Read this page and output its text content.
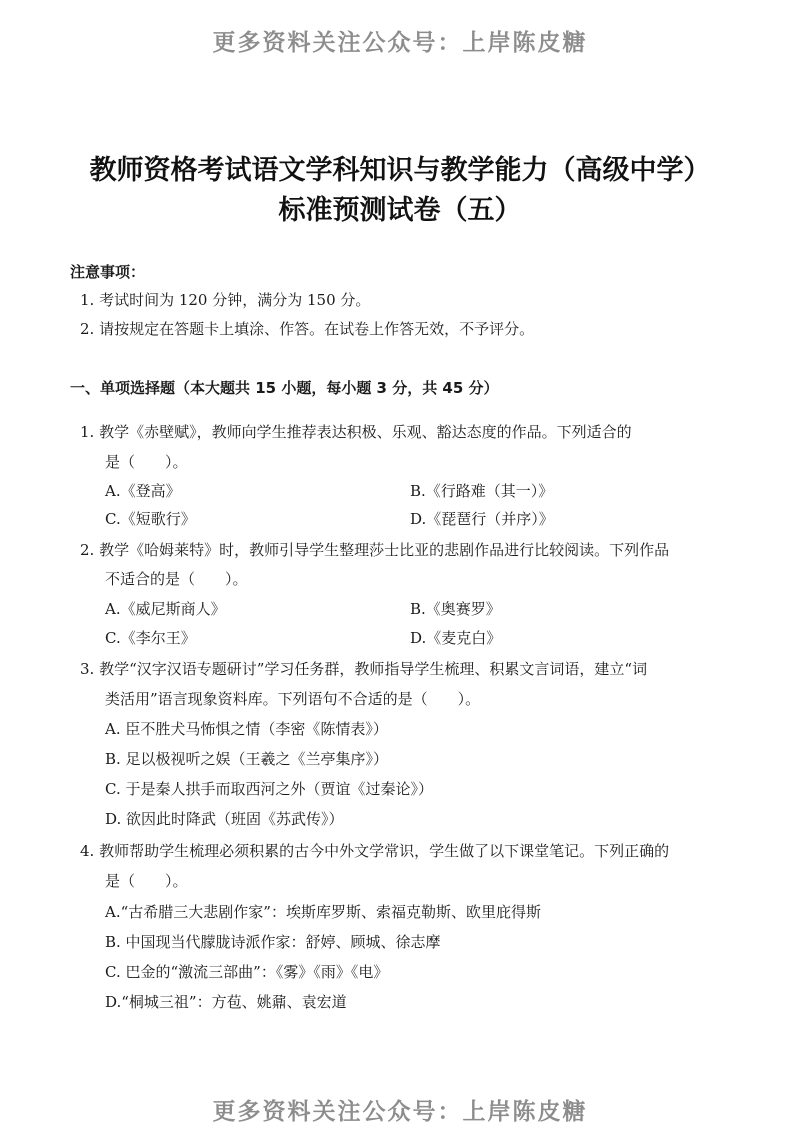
更多资料关注公众号：上岸陈皮糖
教师资格考试语文学科知识与教学能力（高级中学）
标准预测试卷（五）
注意事项：
1. 考试时间为 120 分钟，满分为 150 分。
2. 请按规定在答题卡上填涂、作答。在试卷上作答无效，不予评分。
一、单项选择题（本大题共 15 小题，每小题 3 分，共 45 分）
1. 教学《赤壁赋》，教师向学生推荐表达积极、乐观、豁达态度的作品。下列适合的
是（　　）。
A.《登高》	B.《行路难（其一）》
C.《短歌行》	D.《琵琶行（并序）》
2. 教学《哈姆莱特》时，教师引导学生整理莎士比亚的悲剧作品进行比较阅读。下列作品
不适合的是（　　）。
A.《威尼斯商人》	B.《奥赛罗》
C.《李尔王》	D.《麦克白》
3. 教学“汉字汉语专题研讨”学习任务群，教师指导学生梳理、积累文言词语，建立“词
类活用”语言现象资料库。下列语句不合适的是（　　）。
A. 臣不胜犬马怖惧之情（李密《陈情表》）
B. 足以极视听之娱（王羲之《兰亭集序》）
C. 于是秦人拱手而取西河之外（贾谊《过秦论》）
D. 欲因此时降武（班固《苏武传》）
4. 教师帮助学生梳理必须积累的古今中外文学常识，学生做了以下课堂笔记。下列正确的
是（　　）。
A.“古希腊三大悲剧作家”：埃斯库罗斯、索福克勒斯、欧里庇得斯
B. 中国现当代朦胧诗派作家：舒婷、顾城、徐志摩
C. 巴金的“激流三部曲”：《雾》《雨》《电》
D.“桐城三祖”：方苞、姚鼐、袁宏道
更多资料关注公众号：上岸陈皮糖
